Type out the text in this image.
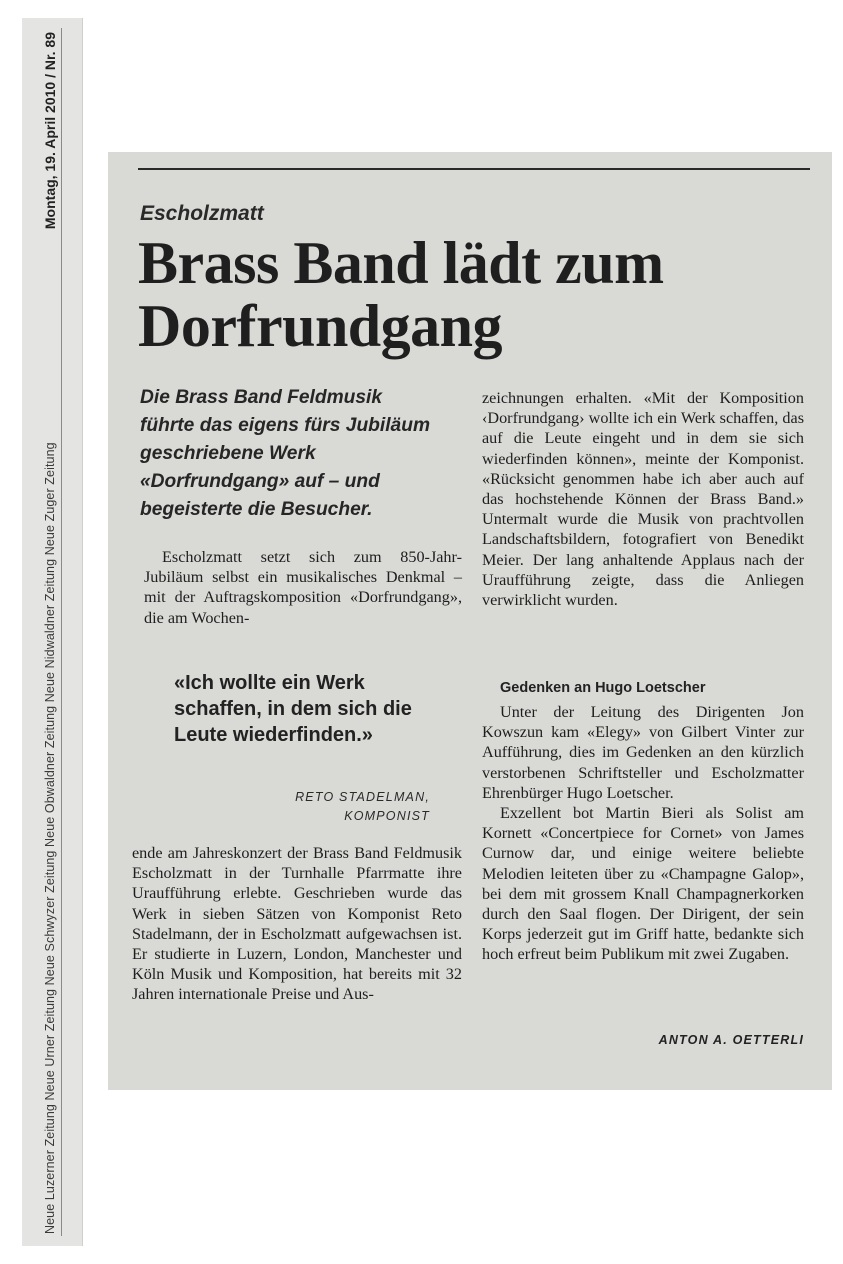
Neue Luzerner Zeitung Neue Urner Zeitung Neue Schwyzer Zeitung Neue Obwaldner Zeitung Neue Nidwaldner Zeitung Neue Zuger Zeitung
Montag, 19. April 2010 / Nr. 89	Escholzmatt
Brass Band lädt zum Dorfrundgang
Die Brass Band Feldmusik führte das eigens fürs Jubiläum geschriebene Werk «Dorfrundgang» auf – und begeisterte die Besucher.
Escholzmatt setzt sich zum 850-Jahr-Jubiläum selbst ein musikalisches Denkmal – mit der Auftragskomposition «Dorfrundgang», die am Wochen-
«Ich wollte ein Werk schaffen, in dem sich die Leute wiederfinden.»
RETO STADELMAN,
KOMPONIST
ende am Jahreskonzert der Brass Band Feldmusik Escholzmatt in der Turnhalle Pfarrmatte ihre Uraufführung erlebte. Geschrieben wurde das Werk in sieben Sätzen von Komponist Reto Stadelmann, der in Escholzmatt aufgewachsen ist. Er studierte in Luzern, London, Manchester und Köln Musik und Komposition, hat bereits mit 32 Jahren internationale Preise und Aus-
zeichnungen erhalten. «Mit der Komposition ‹Dorfrundgang› wollte ich ein Werk schaffen, das auf die Leute eingeht und in dem sie sich wiederfinden können», meinte der Komponist. «Rücksicht genommen habe ich aber auch auf das hochstehende Können der Brass Band.» Untermalt wurde die Musik von prachtvollen Landschaftsbildern, fotografiert von Benedikt Meier. Der lang anhaltende Applaus nach der Uraufführung zeigte, dass die Anliegen verwirklicht wurden.
Gedenken an Hugo Loetscher

Unter der Leitung des Dirigenten Jon Kowszun kam «Elegy» von Gilbert Vinter zur Aufführung, dies im Gedenken an den kürzlich verstorbenen Schriftsteller und Escholzmatter Ehrenbürger Hugo Loetscher.

Exzellent bot Martin Bieri als Solist am Kornett «Concertpiece for Cornet» von James Curnow dar, und einige weitere beliebte Melodien leiteten über zu «Champagne Galop», bei dem mit grossem Knall Champagnerkorken durch den Saal flogen. Der Dirigent, der sein Korps jederzeit gut im Griff hatte, bedankte sich hoch erfreut beim Publikum mit zwei Zugaben.

ANTON A. OETTERLI
